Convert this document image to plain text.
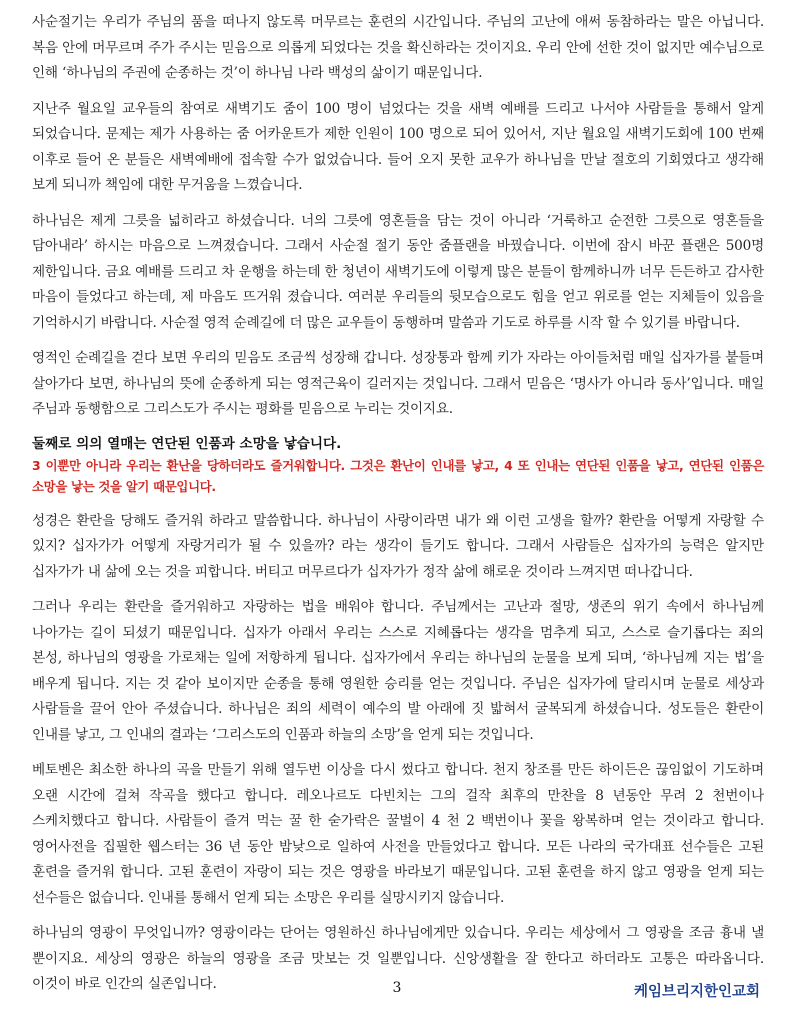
사순절기는 우리가 주님의 품을 떠나지 않도록 머무르는 훈련의 시간입니다. 주님의 고난에 애써 동참하라는 말은 아닙니다. 복음 안에 머무르며 주가 주시는 믿음으로 의롭게 되었다는 것을 확신하라는 것이지요. 우리 안에 선한 것이 없지만 예수님으로 인해 ‘하나님의 주권에 순종하는 것’이 하나님 나라 백성의 삶이기 때문입니다.

지난주 월요일 교우들의 참여로 새벽기도 줌이 100 명이 넘었다는 것을 새벽 예배를 드리고 나서야 사람들을 통해서 알게 되었습니다. 문제는 제가 사용하는 줌 어카운트가 제한 인원이 100 명으로 되어 있어서, 지난 월요일 새벽기도회에 100 번째 이후로 들어 온 분들은 새벽예배에 접속할 수가 없었습니다. 들어 오지 못한 교우가 하나님을 만날 절호의 기회였다고 생각해 보게 되니까 책임에 대한 무거움을 느꼈습니다.

하나님은 제게 그릇을 넓히라고 하셨습니다. 너의 그릇에 영혼들을 담는 것이 아니라 ‘거룩하고 순전한 그릇으로 영혼들을 담아내라’ 하시는 마음으로 느껴졌습니다. 그래서 사순절 절기 동안 줌플랜을 바꿨습니다. 이번에 잠시 바꾼 플랜은 500명 제한입니다. 금요 예배를 드리고 차 운행을 하는데 한 청년이 새벽기도에 이렇게 많은 분들이 함께하니까 너무 든든하고 감사한 마음이 들었다고 하는데, 제 마음도 뜨거워 졌습니다. 여러분 우리들의 뒷모습으로도 힘을 얻고 위로를 얻는 지체들이 있음을 기억하시기 바랍니다. 사순절 영적 순례길에 더 많은 교우들이 동행하며 말씀과 기도로 하루를 시작 할 수 있기를 바랍니다.

영적인 순례길을 걷다 보면 우리의 믿음도 조금씩 성장해 갑니다. 성장통과 함께 키가 자라는 아이들처럼 매일 십자가를 붙들며 살아가다 보면, 하나님의 뜻에 순종하게 되는 영적근육이 길러지는 것입니다. 그래서 믿음은 ‘명사가 아니라 동사’입니다. 매일 주님과 동행함으로 그리스도가 주시는 평화를 믿음으로 누리는 것이지요.

둘째로 의의 열매는 연단된 인품과 소망을 낳습니다.

3 이뿐만 아니라 우리는 환난을 당하더라도 즐거워합니다. 그것은 환난이 인내를 낳고, 4 또 인내는 연단된 인품을 낳고, 연단된 인품은 소망을 낳는 것을 알기 때문입니다.

성경은 환란을 당해도 즐거워 하라고 말씀합니다. 하나님이 사랑이라면 내가 왜 이런 고생을 할까? 환란을 어떻게 자랑할 수 있지? 십자가가 어떻게 자랑거리가 될 수 있을까? 라는 생각이 들기도 합니다. 그래서 사람들은 십자가의 능력은 알지만 십자가가 내 삶에 오는 것을 피합니다. 버티고 머무르다가 십자가가 정작 삶에 해로운 것이라 느껴지면 떠나갑니다.

그러나 우리는 환란을 즐거워하고 자랑하는 법을 배워야 합니다. 주님께서는 고난과 절망, 생존의 위기 속에서 하나님께 나아가는 길이 되셨기 때문입니다. 십자가 아래서 우리는 스스로 지혜롭다는 생각을 멈추게 되고, 스스로 슬기롭다는 죄의 본성, 하나님의 영광을 가로채는 일에 저항하게 됩니다. 십자가에서 우리는 하나님의 눈물을 보게 되며, ‘하나님께 지는 법’을 배우게 됩니다. 지는 것 같아 보이지만 순종을 통해 영원한 승리를 얻는 것입니다. 주님은 십자가에 달리시며 눈물로 세상과 사람들을 끌어 안아 주셨습니다. 하나님은 죄의 세력이 예수의 발 아래에 짓 밟혀서 굴복되게 하셨습니다. 성도들은 환란이 인내를 낳고, 그 인내의 결과는 ‘그리스도의 인품과 하늘의 소망’을 얻게 되는 것입니다.

베토벤은 최소한 하나의 곡을 만들기 위해 열두번 이상을 다시 썼다고 합니다. 천지 창조를 만든 하이든은 끊임없이 기도하며 오랜 시간에 걸쳐 작곡을 했다고 합니다. 레오나르도 다빈치는 그의 걸작 최후의 만찬을 8 년동안 무려 2 천번이나 스케치했다고 합니다. 사람들이 즐겨 먹는 꿀 한 숟가락은 꿀벌이 4 천 2 백번이나 꽃을 왕복하며 얻는 것이라고 합니다. 영어사전을 집필한 웹스터는 36 년 동안 밤낮으로 일하여 사전을 만들었다고 합니다. 모든 나라의 국가대표 선수들은 고된 훈련을 즐거워 합니다. 고된 훈련이 자랑이 되는 것은 영광을 바라보기 때문입니다. 고된 훈련을 하지 않고 영광을 얻게 되는 선수들은 없습니다. 인내를 통해서 얻게 되는 소망은 우리를 실망시키지 않습니다.

하나님의 영광이 무엇입니까? 영광이라는 단어는 영원하신 하나님에게만 있습니다. 우리는 세상에서 그 영광을 조금 흉내 낼 뿐이지요. 세상의 영광은 하늘의 영광을 조금 맛보는 것 일뿐입니다. 신앙생활을 잘 한다고 하더라도 고통은 따라옵니다. 이것이 바로 인간의 실존입니다.	3	케임브리지한인교회
